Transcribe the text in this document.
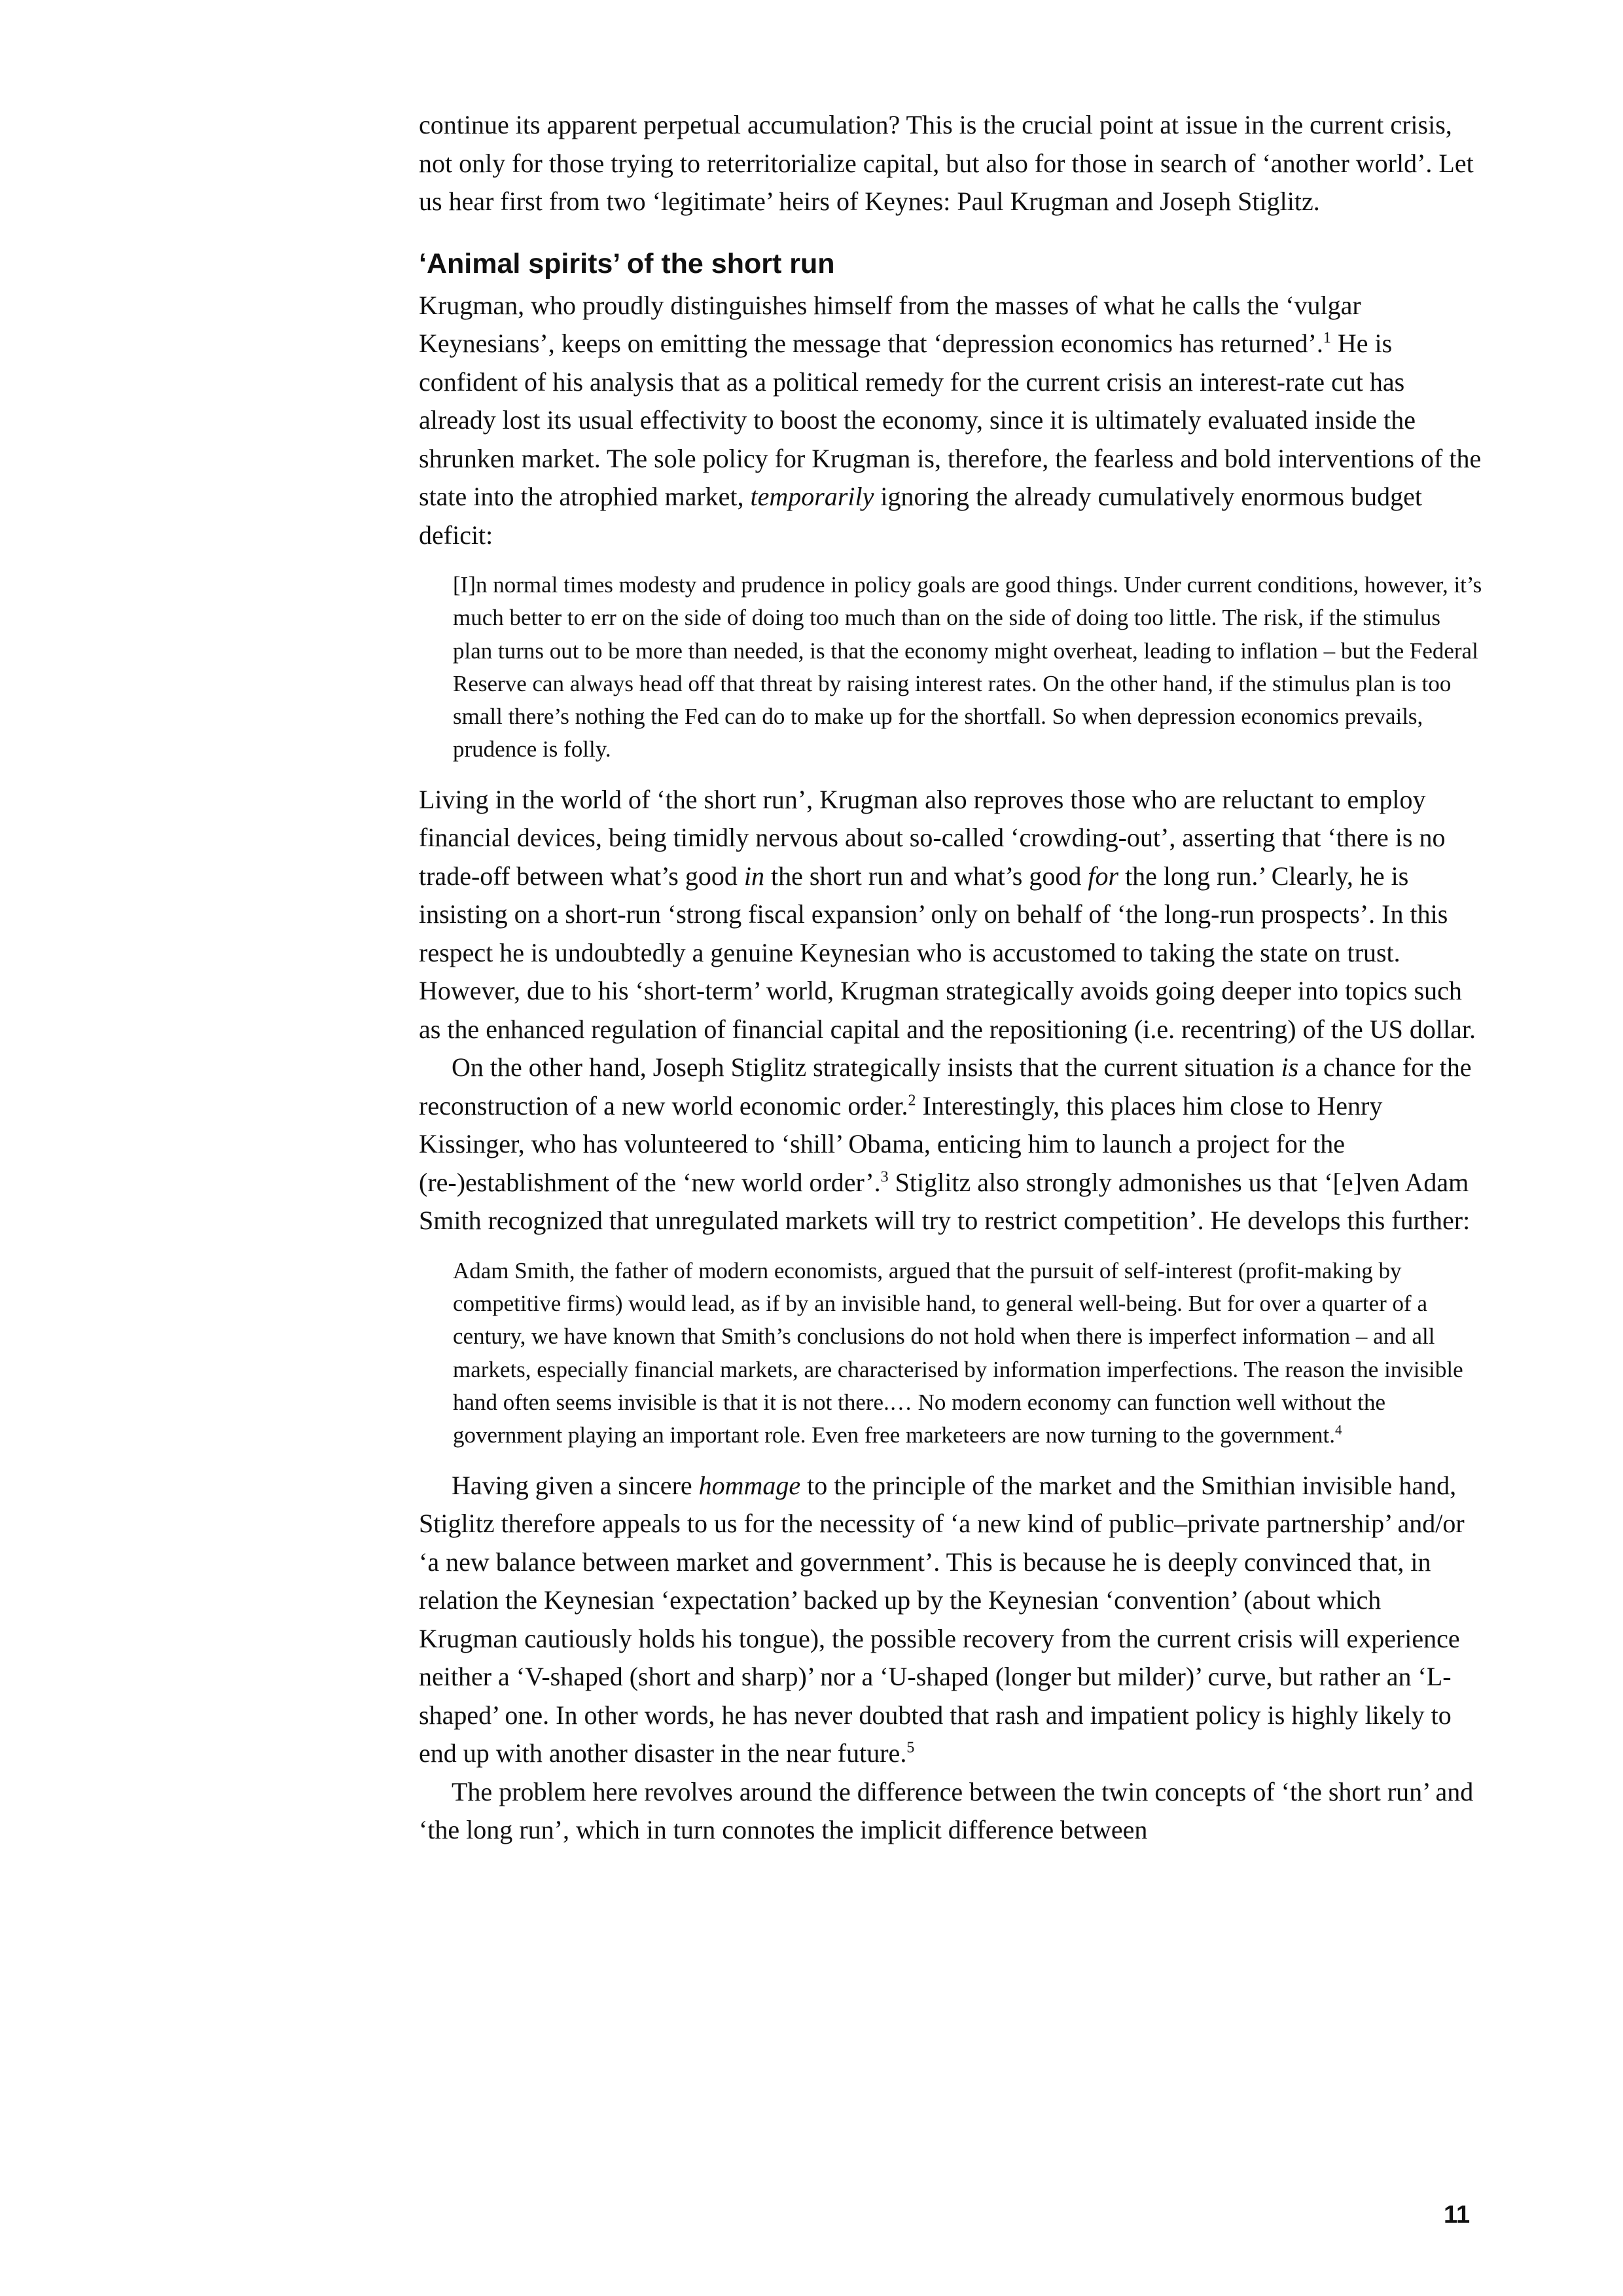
continue its apparent perpetual accumulation? This is the crucial point at issue in the current crisis, not only for those trying to reterritorialize capital, but also for those in search of ‘another world’. Let us hear first from two ‘legitimate’ heirs of Keynes: Paul Krugman and Joseph Stiglitz.

‘Animal spirits’ of the short run

Krugman, who proudly distinguishes himself from the masses of what he calls the ‘vulgar Keynesians’, keeps on emitting the message that ‘depression economics has returned’.$^1$ He is confident of his analysis that as a political remedy for the current crisis an interest-rate cut has already lost its usual effectivity to boost the economy, since it is ultimately evaluated inside the shrunken market. The sole policy for Krugman is, therefore, the fearless and bold interventions of the state into the atrophied market, temporarily ignoring the already cumulatively enormous budget deficit:

[I]n normal times modesty and prudence in policy goals are good things. Under current conditions, however, it’s much better to err on the side of doing too much than on the side of doing too little. The risk, if the stimulus plan turns out to be more than needed, is that the economy might overheat, leading to inflation – but the Federal Reserve can always head off that threat by raising interest rates. On the other hand, if the stimulus plan is too small there’s nothing the Fed can do to make up for the shortfall. So when depression economics prevails, prudence is folly.

Living in the world of ‘the short run’, Krugman also reproves those who are reluctant to employ financial devices, being timidly nervous about so-called ‘crowding-out’, asserting that ‘there is no trade-off between what’s good in the short run and what’s good for the long run.’ Clearly, he is insisting on a short-run ‘strong fiscal expansion’ only on behalf of ‘the long-run prospects’. In this respect he is undoubtedly a genuine Keynesian who is accustomed to taking the state on trust. However, due to his ‘short-term’ world, Krugman strategically avoids going deeper into topics such as the enhanced regulation of financial capital and the repositioning (i.e. recentring) of the US dollar.

On the other hand, Joseph Stiglitz strategically insists that the current situation is a chance for the reconstruction of a new world economic order.$^2$ Interestingly, this places him close to Henry Kissinger, who has volunteered to ‘shill’ Obama, enticing him to launch a project for the (re-)establishment of the ‘new world order’.$^3$ Stiglitz also strongly admonishes us that ‘[e]ven Adam Smith recognized that unregulated markets will try to restrict competition’. He develops this further:

Adam Smith, the father of modern economists, argued that the pursuit of self-interest (profit-making by competitive firms) would lead, as if by an invisible hand, to general well-being. But for over a quarter of a century, we have known that Smith’s conclusions do not hold when there is imperfect information – and all markets, especially financial markets, are characterised by information imperfections. The reason the invisible hand often seems invisible is that it is not there.… No modern economy can function well without the government playing an important role. Even free marketeers are now turning to the government.$^4$

Having given a sincere hommage to the principle of the market and the Smithian invisible hand, Stiglitz therefore appeals to us for the necessity of ‘a new kind of public–private partnership’ and/or ‘a new balance between market and government’. This is because he is deeply convinced that, in relation the Keynesian ‘expectation’ backed up by the Keynesian ‘convention’ (about which Krugman cautiously holds his tongue), the possible recovery from the current crisis will experience neither a ‘V-shaped (short and sharp)’ nor a ‘U-shaped (longer but milder)’ curve, but rather an ‘L-shaped’ one. In other words, he has never doubted that rash and impatient policy is highly likely to end up with another disaster in the near future.$^5$

The problem here revolves around the difference between the twin concepts of ‘the short run’ and ‘the long run’, which in turn connotes the implicit difference between

11
